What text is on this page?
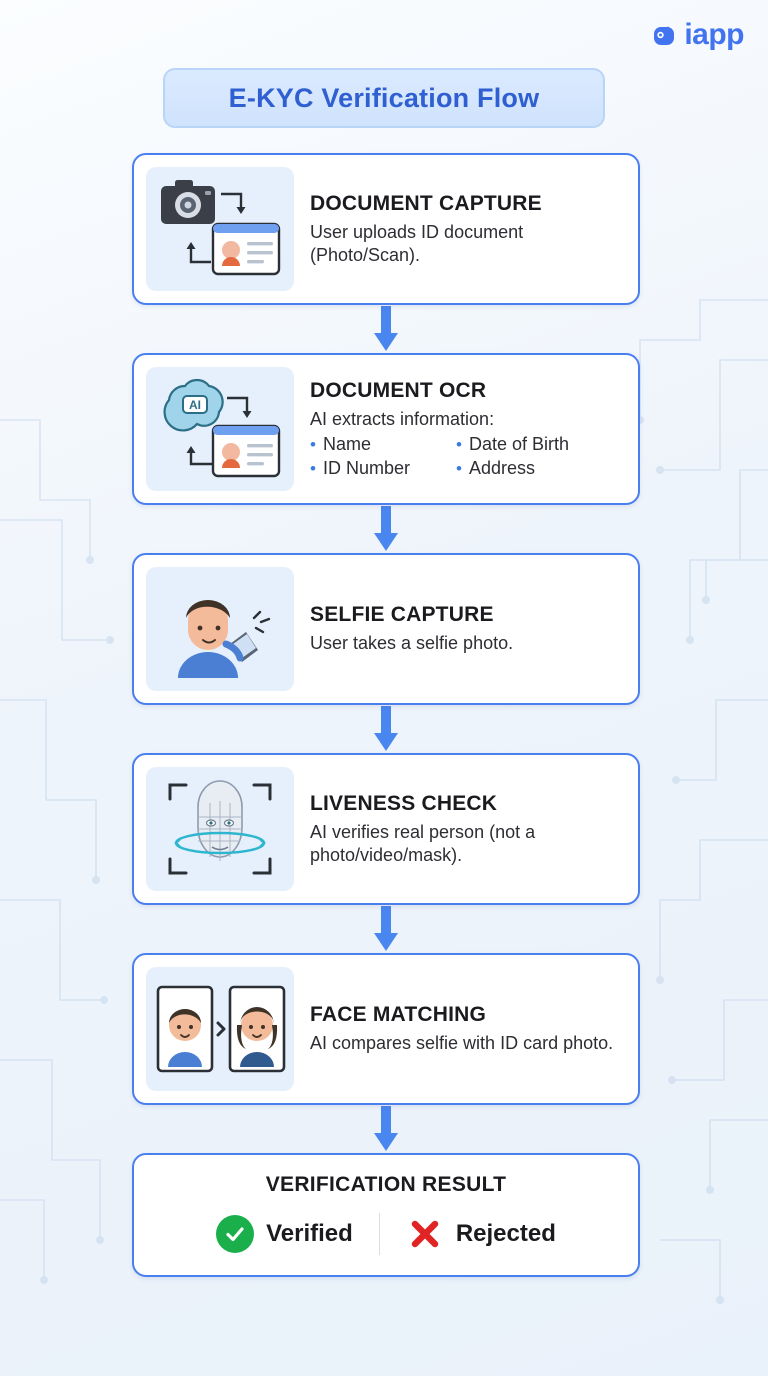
iapp
E-KYC Verification Flow
DOCUMENT CAPTURE
User uploads ID document (Photo/Scan).
AI
DOCUMENT OCR
AI extracts information:
• Name	• Date of Birth
• ID Number	• Address
SELFIE CAPTURE
User takes a selfie photo.
LIVENESS CHECK
AI verifies real person (not a photo/video/mask).
FACE MATCHING
AI compares selfie with ID card photo.
VERIFICATION RESULT
Verified	Rejected
